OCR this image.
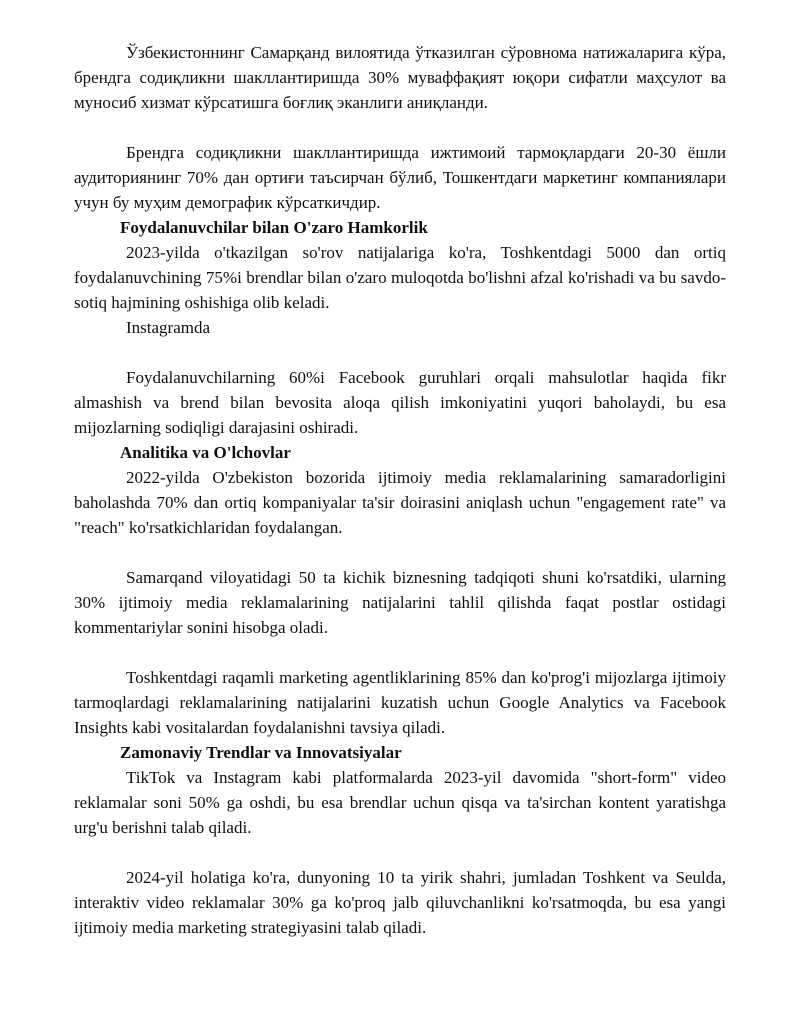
Ўзбекистоннинг Самарқанд вилоятида ўтказилган сўровнома натижаларига кўра, брендга содиқликни шакллантиришда 30% муваффақият юқори сифатли маҳсулот ва муносиб хизмат кўрсатишга боғлиқ эканлиги аниқланди.

Брендга содиқликни шакллантиришда ижтимоий тармоқлардаги 20-30 ёшли аудиториянинг 70% дан ортиғи таъсирчан бўлиб, Тошкентдаги маркетинг компаниялари учун бу муҳим демографик кўрсаткичдир.

Foydalanuvchilar bilan O'zaro Hamkorlik

2023-yilda o'tkazilgan so'rov natijalariga ko'ra, Toshkentdagi 5000 dan ortiq foydalanuvchining 75%i brendlar bilan o'zaro muloqotda bo'lishni afzal ko'rishadi va bu savdo-sotiq hajmining oshishiga olib keladi.

Instagramda

Foydalanuvchilarning 60%i Facebook guruhlari orqali mahsulotlar haqida fikr almashish va brend bilan bevosita aloqa qilish imkoniyatini yuqori baholaydi, bu esa mijozlarning sodiqligi darajasini oshiradi.

Analitika va O'lchovlar

2022-yilda O'zbekiston bozorida ijtimoiy media reklamalarining samaradorligini baholashda 70% dan ortiq kompaniyalar ta'sir doirasini aniqlash uchun "engagement rate" va "reach" ko'rsatkichlaridan foydalangan.

Samarqand viloyatidagi 50 ta kichik biznesning tadqiqoti shuni ko'rsatdiki, ularning 30% ijtimoiy media reklamalarining natijalarini tahlil qilishda faqat postlar ostidagi kommentariylar sonini hisobga oladi.

Toshkentdagi raqamli marketing agentliklarining 85% dan ko'prog'i mijozlarga ijtimoiy tarmoqlardagi reklamalarining natijalarini kuzatish uchun Google Analytics va Facebook Insights kabi vositalardan foydalanishni tavsiya qiladi.

Zamonaviy Trendlar va Innovatsiyalar

TikTok va Instagram kabi platformalarda 2023-yil davomida "short-form" video reklamalar soni 50% ga oshdi, bu esa brendlar uchun qisqa va ta'sirchan kontent yaratishga urg'u berishni talab qiladi.

2024-yil holatiga ko'ra, dunyoning 10 ta yirik shahri, jumladan Toshkent va Seulda, interaktiv video reklamalar 30% ga ko'proq jalb qiluvchanlikni ko'rsatmoqda, bu esa yangi ijtimoiy media marketing strategiyasini talab qiladi.
